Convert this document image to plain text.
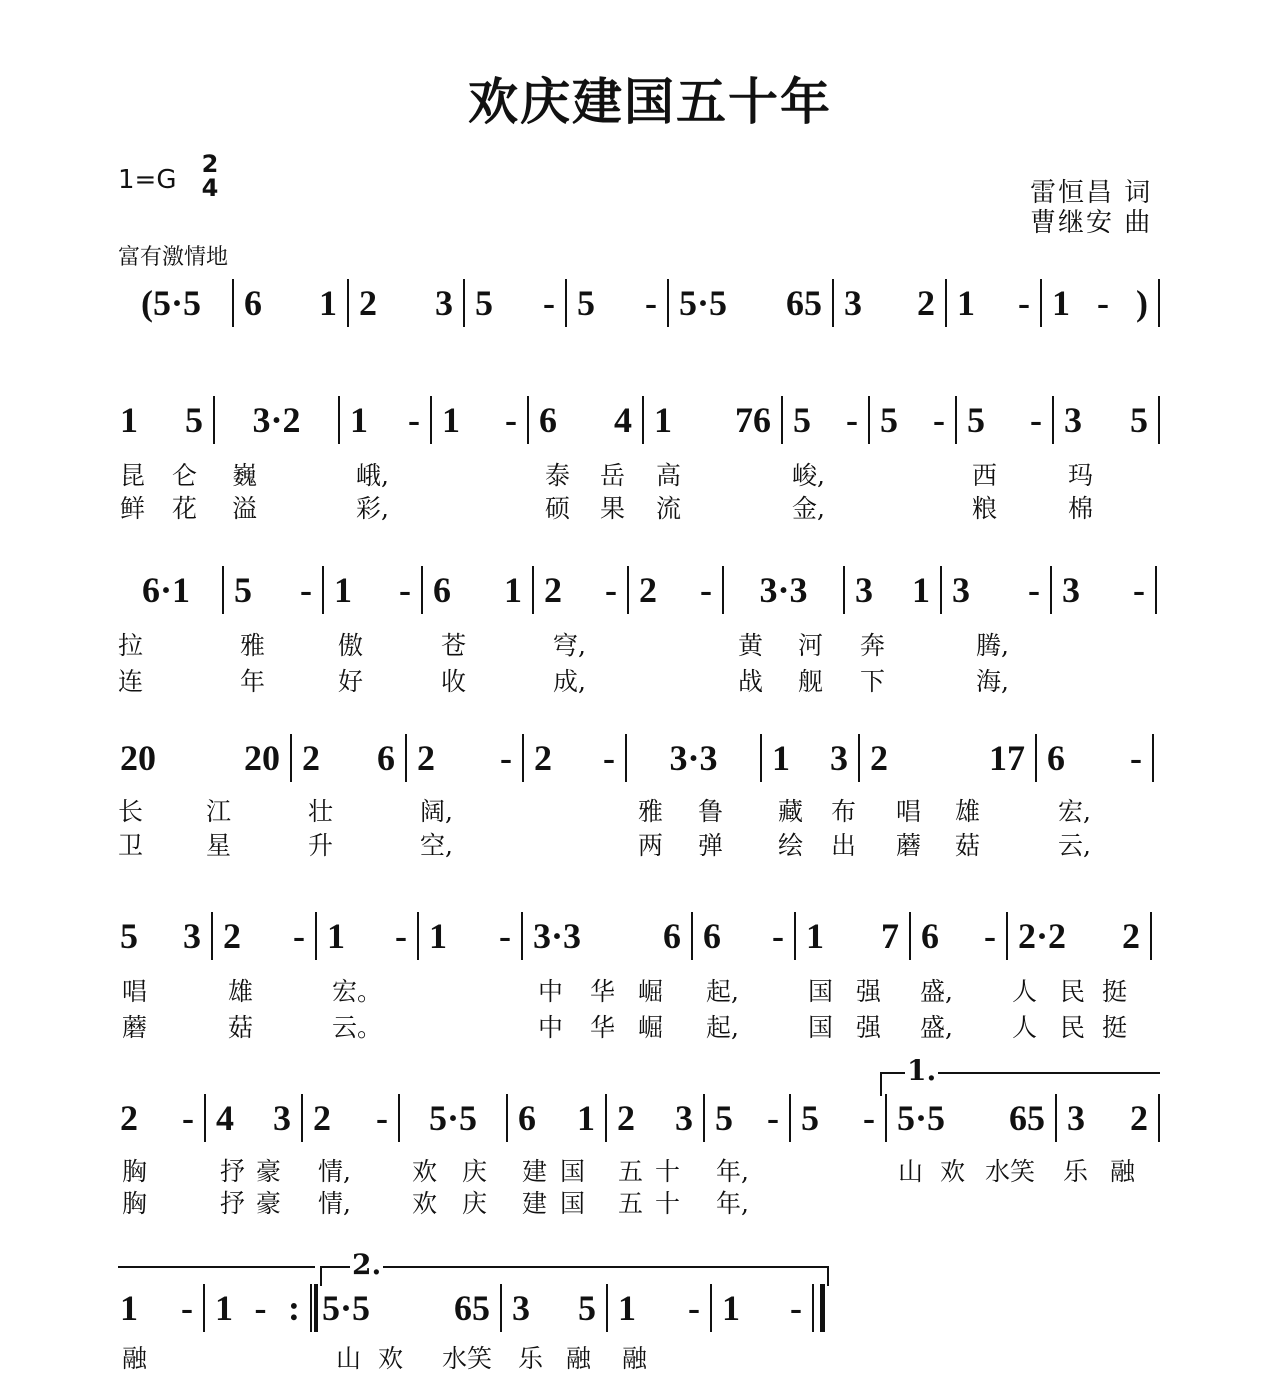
欢庆建国五十年
1=G
2
4	雷恒昌 词
曹继安 曲
富有激情地
(5·5	6 1 2 3 5 - 5 - 5·5 65 3 2 1 - 1 - )
1 5	3·2	1 - 1 - 6 4 1 76 5 - 5 - 5 - 3 5
昆 仑 巍	峨,	泰 岳 高	峻,	西	玛
鲜 花 溢	彩,	硕 果 流	金,	粮	棉
6·1	5 - 1 - 6 1 2 - 2 -	3·3	3 1 3 - 3 -
拉	雅	傲	苍	穹,	黄 河 奔	腾,
连	年	好	收	成,	战 舰 下	海,
20 20 2 6 2 - 2 -	3·3	1 3 2 17 6 -
长	江	壮	阔,	雅 鲁 藏 布 唱 雄	宏,
卫	星	升	空,	两 弹 绘 出 蘑 菇	云,
5 3 2 - 1 - 1 - 3·3 6 6 - 1 7 6 - 2·2 2
唱	雄	宏。	中 华 崛 起,	国 强 盛, 人 民 挺
蘑	菇	云。	中 华 崛 起,	国 强 盛, 人 民 挺
2 - 4 3 2 -	5·5	6 1 2 3 5 - 5 - 5·5 65 3 2
胸	抒 豪 情, 欢 庆 建 国 五 十 年,	山 欢 水笑 乐 融
胸	抒 豪 情, 欢 庆 建 国 五 十 年,
1 - 1 - : 5·5 65 3 5 1 - 1 -
融	山 欢 水笑 乐 融 融
1.
2.
